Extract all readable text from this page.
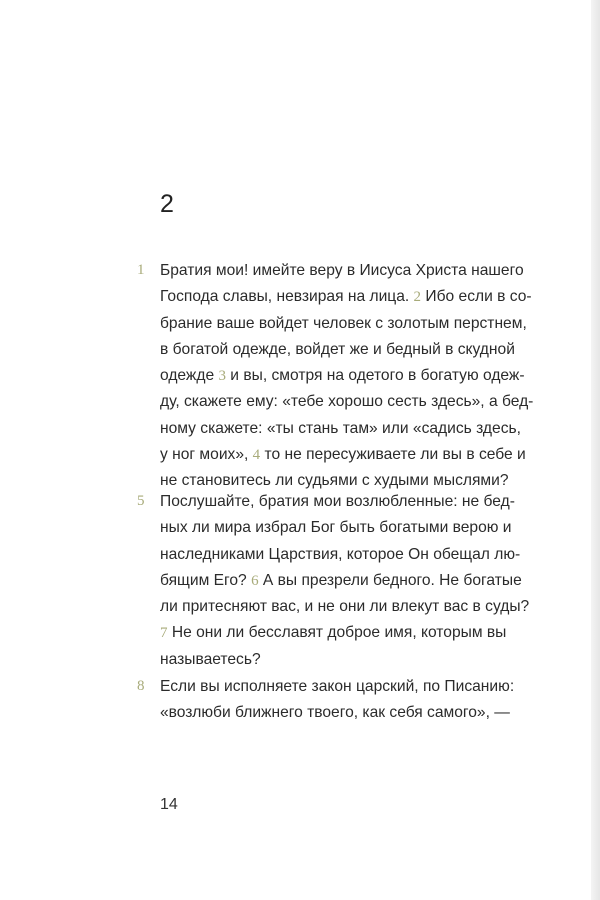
2
1 Братия мои! имейте веру в Иисуса Христа нашего
Господа славы, невзирая на лица. 2 Ибо если в со-
брание ваше войдет человек с золотым перстнем,
в богатой одежде, войдет же и бедный в скудной
одежде 3 и вы, смотря на одетого в богатую одеж-
ду, скажете ему: «тебе хорошо сесть здесь», а бед-
ному скажете: «ты стань там» или «садись здесь,
у ног моих», 4 то не пересуживаете ли вы в себе и
не становитесь ли судьями с худыми мыслями?
5 Послушайте, братия мои возлюбленные: не бед-
ных ли мира избрал Бог быть богатыми верою и
наследниками Царствия, которое Он обещал лю-
бящим Его? 6 А вы презрели бедного. Не богатые
ли притесняют вас, и не они ли влекут вас в суды?
7 Не они ли бесславят доброе имя, которым вы
называетесь?
8 Если вы исполняете закон царский, по Писанию:
«возлюби ближнего твоего, как себя самого», —
14
